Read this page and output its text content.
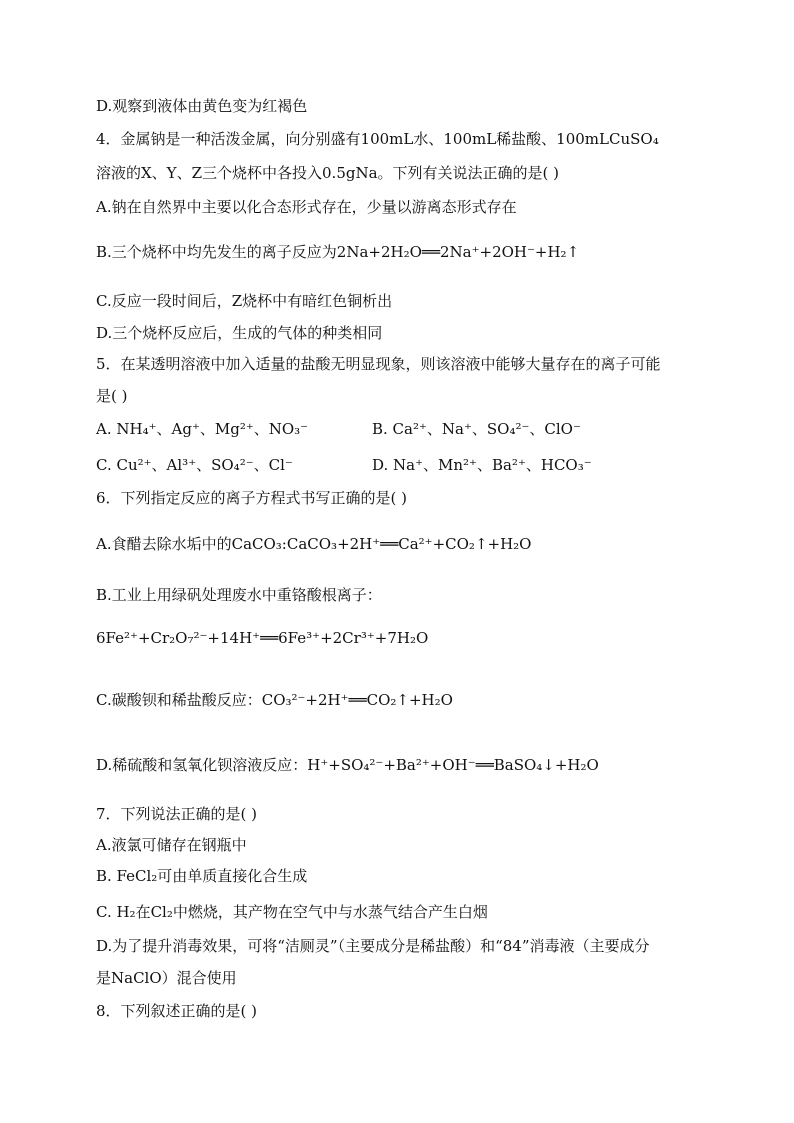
D.观察到液体由黄色变为红褐色
4．金属钠是一种活泼金属，向分别盛有100mL水、100mL稀盐酸、100mLCuSO₄
溶液的X、Y、Z三个烧杯中各投入0.5gNa。下列有关说法正确的是( )
A.钠在自然界中主要以化合态形式存在，少量以游离态形式存在
B.三个烧杯中均先发生的离子反应为2Na+2H₂O══2Na⁺+2OH⁻+H₂↑
C.反应一段时间后，Z烧杯中有暗红色铜析出
D.三个烧杯反应后，生成的气体的种类相同
5．在某透明溶液中加入适量的盐酸无明显现象，则该溶液中能够大量存在的离子可能
是( )
A. NH₄⁺、Ag⁺、Mg²⁺、NO₃⁻	B. Ca²⁺、Na⁺、SO₄²⁻、ClO⁻
C. Cu²⁺、Al³⁺、SO₄²⁻、Cl⁻	D. Na⁺、Mn²⁺、Ba²⁺、HCO₃⁻
6．下列指定反应的离子方程式书写正确的是( )
A.食醋去除水垢中的CaCO₃:CaCO₃+2H⁺══Ca²⁺+CO₂↑+H₂O
B.工业上用绿矾处理废水中重铬酸根离子：
6Fe²⁺+Cr₂O₇²⁻+14H⁺══6Fe³⁺+2Cr³⁺+7H₂O
C.碳酸钡和稀盐酸反应：CO₃²⁻+2H⁺══CO₂↑+H₂O
D.稀硫酸和氢氧化钡溶液反应：H⁺+SO₄²⁻+Ba²⁺+OH⁻══BaSO₄↓+H₂O
7．下列说法正确的是( )
A.液氯可储存在钢瓶中
B. FeCl₂可由单质直接化合生成
C. H₂在Cl₂中燃烧，其产物在空气中与水蒸气结合产生白烟
D.为了提升消毒效果，可将“洁厕灵”（主要成分是稀盐酸）和“84”消毒液（主要成分
是NaClO）混合使用
8．下列叙述正确的是( )
